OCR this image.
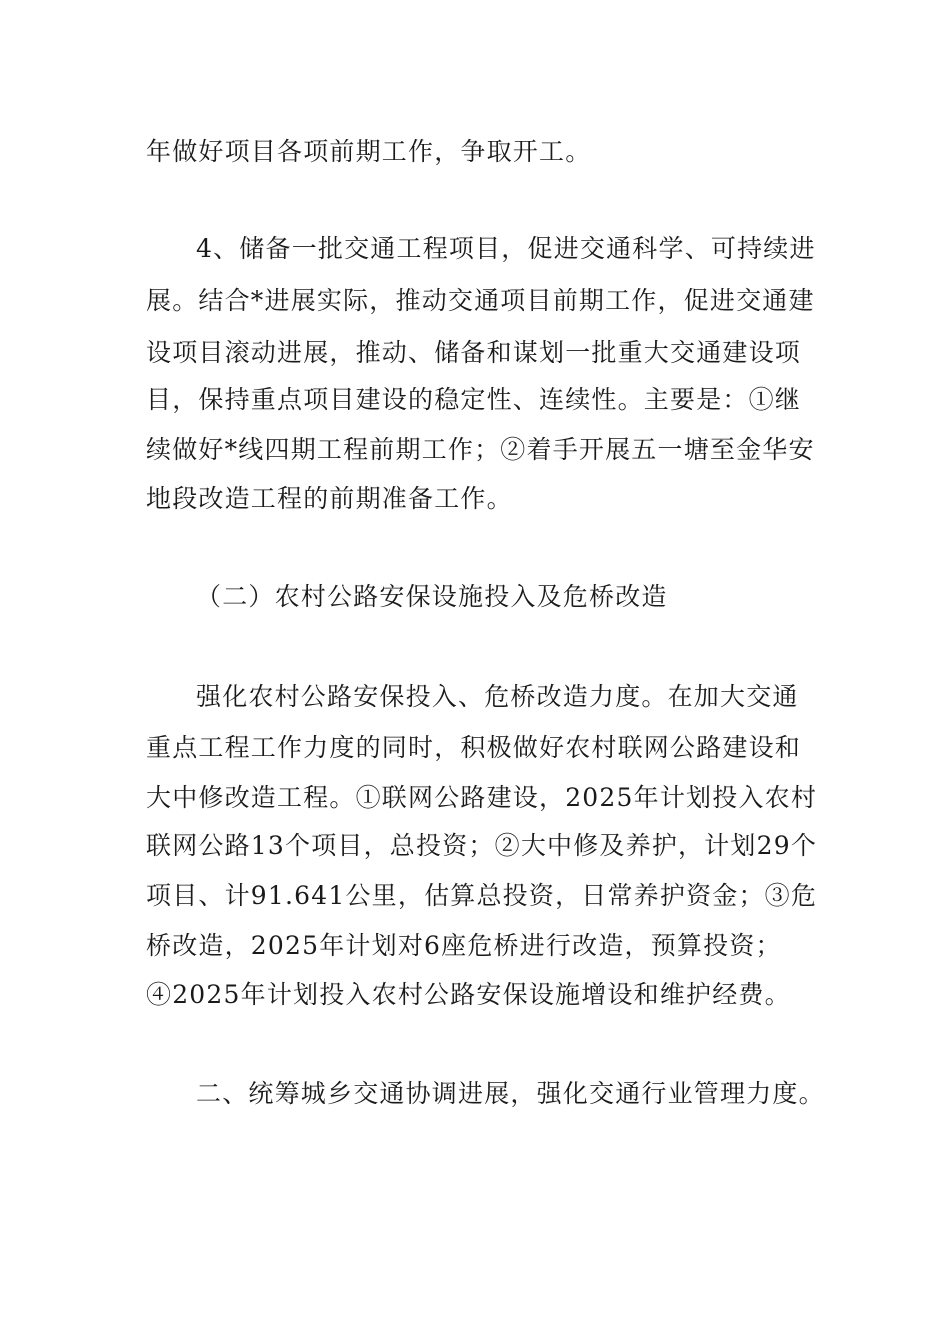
年做好项目各项前期工作，争取开工。
4、储备一批交通工程项目，促进交通科学、可持续进
展。结合*进展实际，推动交通项目前期工作，促进交通建
设项目滚动进展，推动、储备和谋划一批重大交通建设项
目，保持重点项目建设的稳定性、连续性。主要是：①继
续做好*线四期工程前期工作；②着手开展五一塘至金华安
地段改造工程的前期准备工作。
（二）农村公路安保设施投入及危桥改造
强化农村公路安保投入、危桥改造力度。在加大交通
重点工程工作力度的同时，积极做好农村联网公路建设和
大中修改造工程。①联网公路建设，2025年计划投入农村
联网公路13个项目，总投资；②大中修及养护，计划29个
项目、计91.641公里，估算总投资，日常养护资金；③危
桥改造，2025年计划对6座危桥进行改造，预算投资；
④2025年计划投入农村公路安保设施增设和维护经费。
二、统筹城乡交通协调进展，强化交通行业管理力度。
